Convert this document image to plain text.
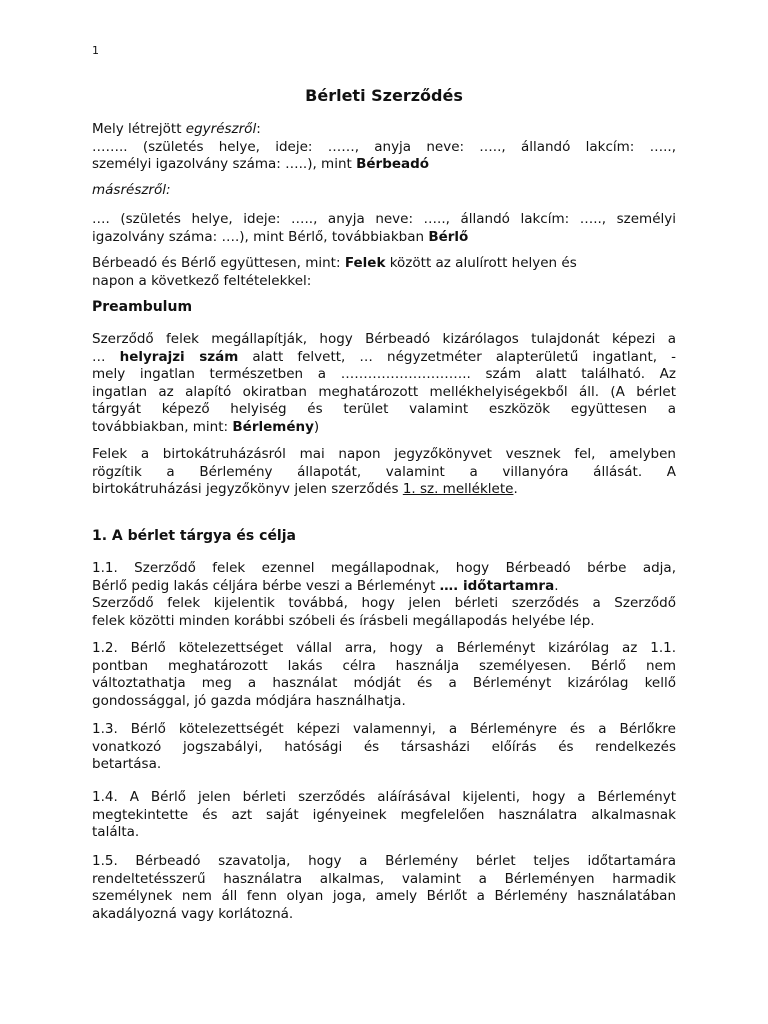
1
Bérleti Szerződés
Mely létrejött egyrészről:
…….. (születés helye, ideje: ……, anyja neve: ….., állandó lakcím: …..,
személyi igazolvány száma: …..), mint Bérbeadó
másrészről:
…. (születés helye, ideje: ….., anyja neve: ….., állandó lakcím: ….., személyi
igazolvány száma: ….), mint Bérlő, továbbiakban Bérlő
Bérbeadó és Bérlő együttesen, mint: Felek között az alulírott helyen és
napon a következő feltételekkel:
Preambulum
Szerződő felek megállapítják, hogy Bérbeadó kizárólagos tulajdonát képezi a
… helyrajzi szám alatt felvett, … négyzetméter alapterületű ingatlant, -
mely ingatlan természetben a ……………………….. szám alatt található. Az
ingatlan az alapító okiratban meghatározott mellékhelyiségekből áll. (A bérlet
tárgyát képező helyiség és terület valamint eszközök együttesen a
továbbiakban, mint: Bérlemény)
Felek a birtokátruházásról mai napon jegyzőkönyvet vesznek fel, amelyben
rögzítik a Bérlemény állapotát, valamint a villanyóra állását. A
birtokátruházási jegyzőkönyv jelen szerződés 1. sz. melléklete.
1. A bérlet tárgya és célja
1.1. Szerződő felek ezennel megállapodnak, hogy Bérbeadó bérbe adja,
Bérlő pedig lakás céljára bérbe veszi a Bérleményt …. időtartamra.
Szerződő felek kijelentik továbbá, hogy jelen bérleti szerződés a Szerződő
felek közötti minden korábbi szóbeli és írásbeli megállapodás helyébe lép.
1.2. Bérlő kötelezettséget vállal arra, hogy a Bérleményt kizárólag az 1.1.
pontban meghatározott lakás célra használja személyesen. Bérlő nem
változtathatja meg a használat módját és a Bérleményt kizárólag kellő
gondossággal, jó gazda módjára használhatja.
1.3. Bérlő kötelezettségét képezi valamennyi, a Bérleményre és a Bérlőkre
vonatkozó jogszabályi, hatósági és társasházi előírás és rendelkezés
betartása.
1.4. A Bérlő jelen bérleti szerződés aláírásával kijelenti, hogy a Bérleményt
megtekintette és azt saját igényeinek megfelelően használatra alkalmasnak
találta.
1.5. Bérbeadó szavatolja, hogy a Bérlemény bérlet teljes időtartamára
rendeltetésszerű használatra alkalmas, valamint a Bérleményen harmadik
személynek nem áll fenn olyan joga, amely Bérlőt a Bérlemény használatában
akadályozná vagy korlátozná.
